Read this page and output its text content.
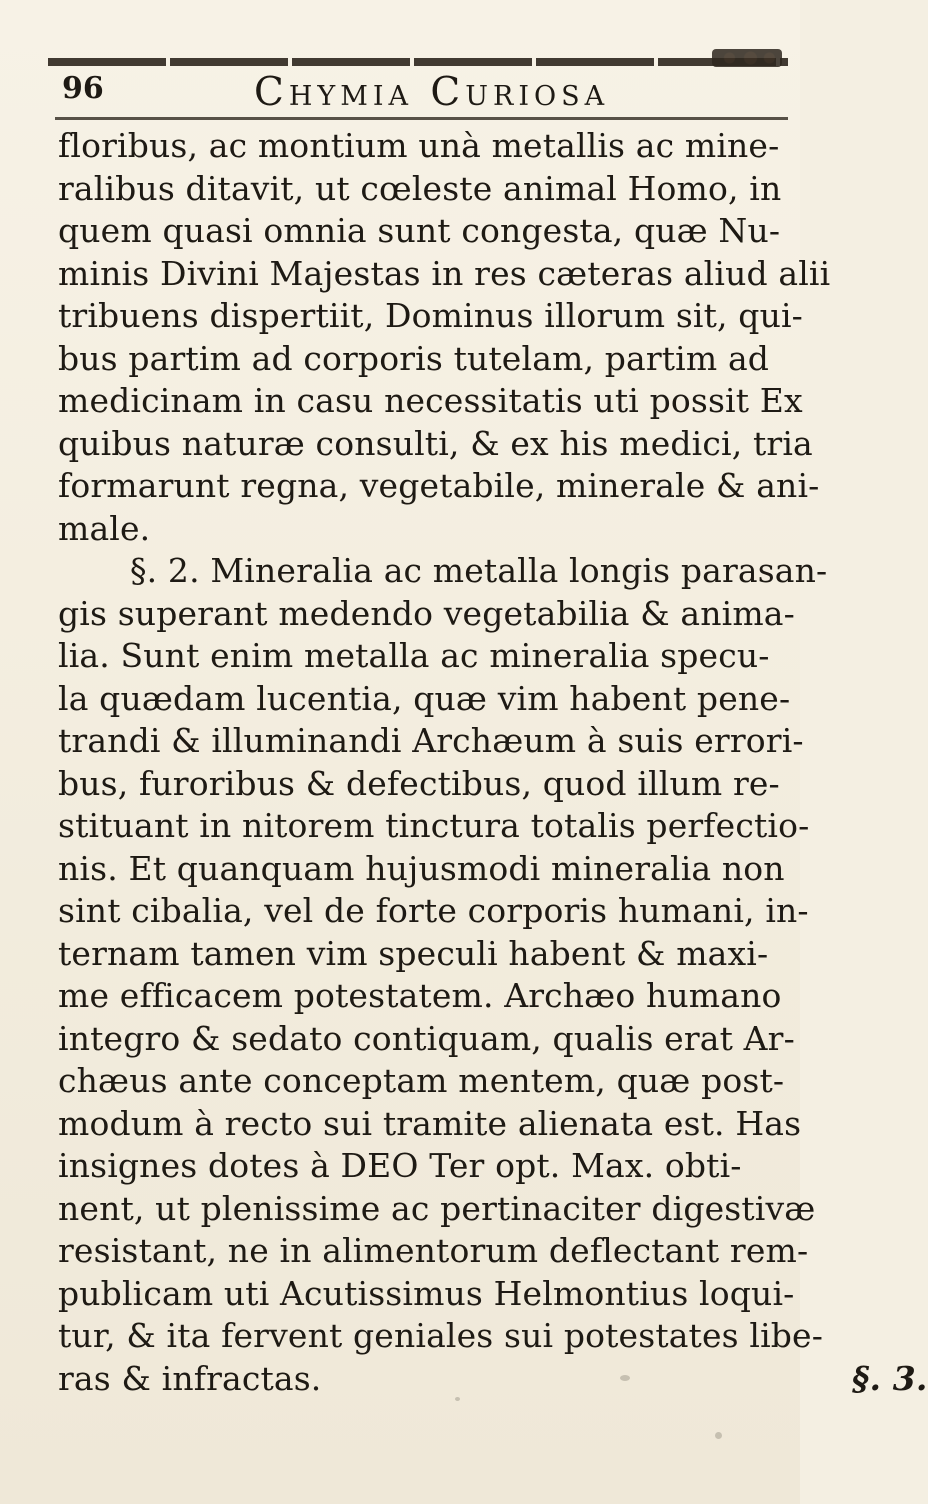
96	Chymia Curiosa
floribus, ac montium unà metallis ac mine-
ralibus ditavit, ut cœleste animal Homo, in
quem quasi omnia sunt congesta, quæ Nu-
minis Divini Majestas in res cæteras aliud alii
tribuens dispertiit, Dominus illorum sit, qui-
bus partim ad corporis tutelam, partim ad
medicinam in casu necessitatis uti possit Ex
quibus naturæ consulti, & ex his medici, tria
formarunt regna, vegetabile, minerale & ani-
male.
§. 2. Mineralia ac metalla longis parasan-
gis superant medendo vegetabilia & anima-
lia. Sunt enim metalla ac mineralia specu-
la quædam lucentia, quæ vim habent pene-
trandi & illuminandi Archæum à suis errori-
bus, furoribus & defectibus, quod illum re-
stituant in nitorem tinctura totalis perfectio-
nis. Et quanquam hujusmodi mineralia non
sint cibalia, vel de forte corporis humani, in-
ternam tamen vim speculi habent & maxi-
me efficacem potestatem. Archæo humano
integro & sedato contiquam, qualis erat Ar-
chæus ante conceptam mentem, quæ post-
modum à recto sui tramite alienata est. Has
insignes dotes à DEO Ter opt. Max. obti-
nent, ut plenissime ac pertinaciter digestivæ
resistant, ne in alimentorum deflectant rem-
publicam uti Acutissimus Helmontius loqui-
tur, & ita fervent geniales sui potestates libe-
ras & infractas.	§. 3.
